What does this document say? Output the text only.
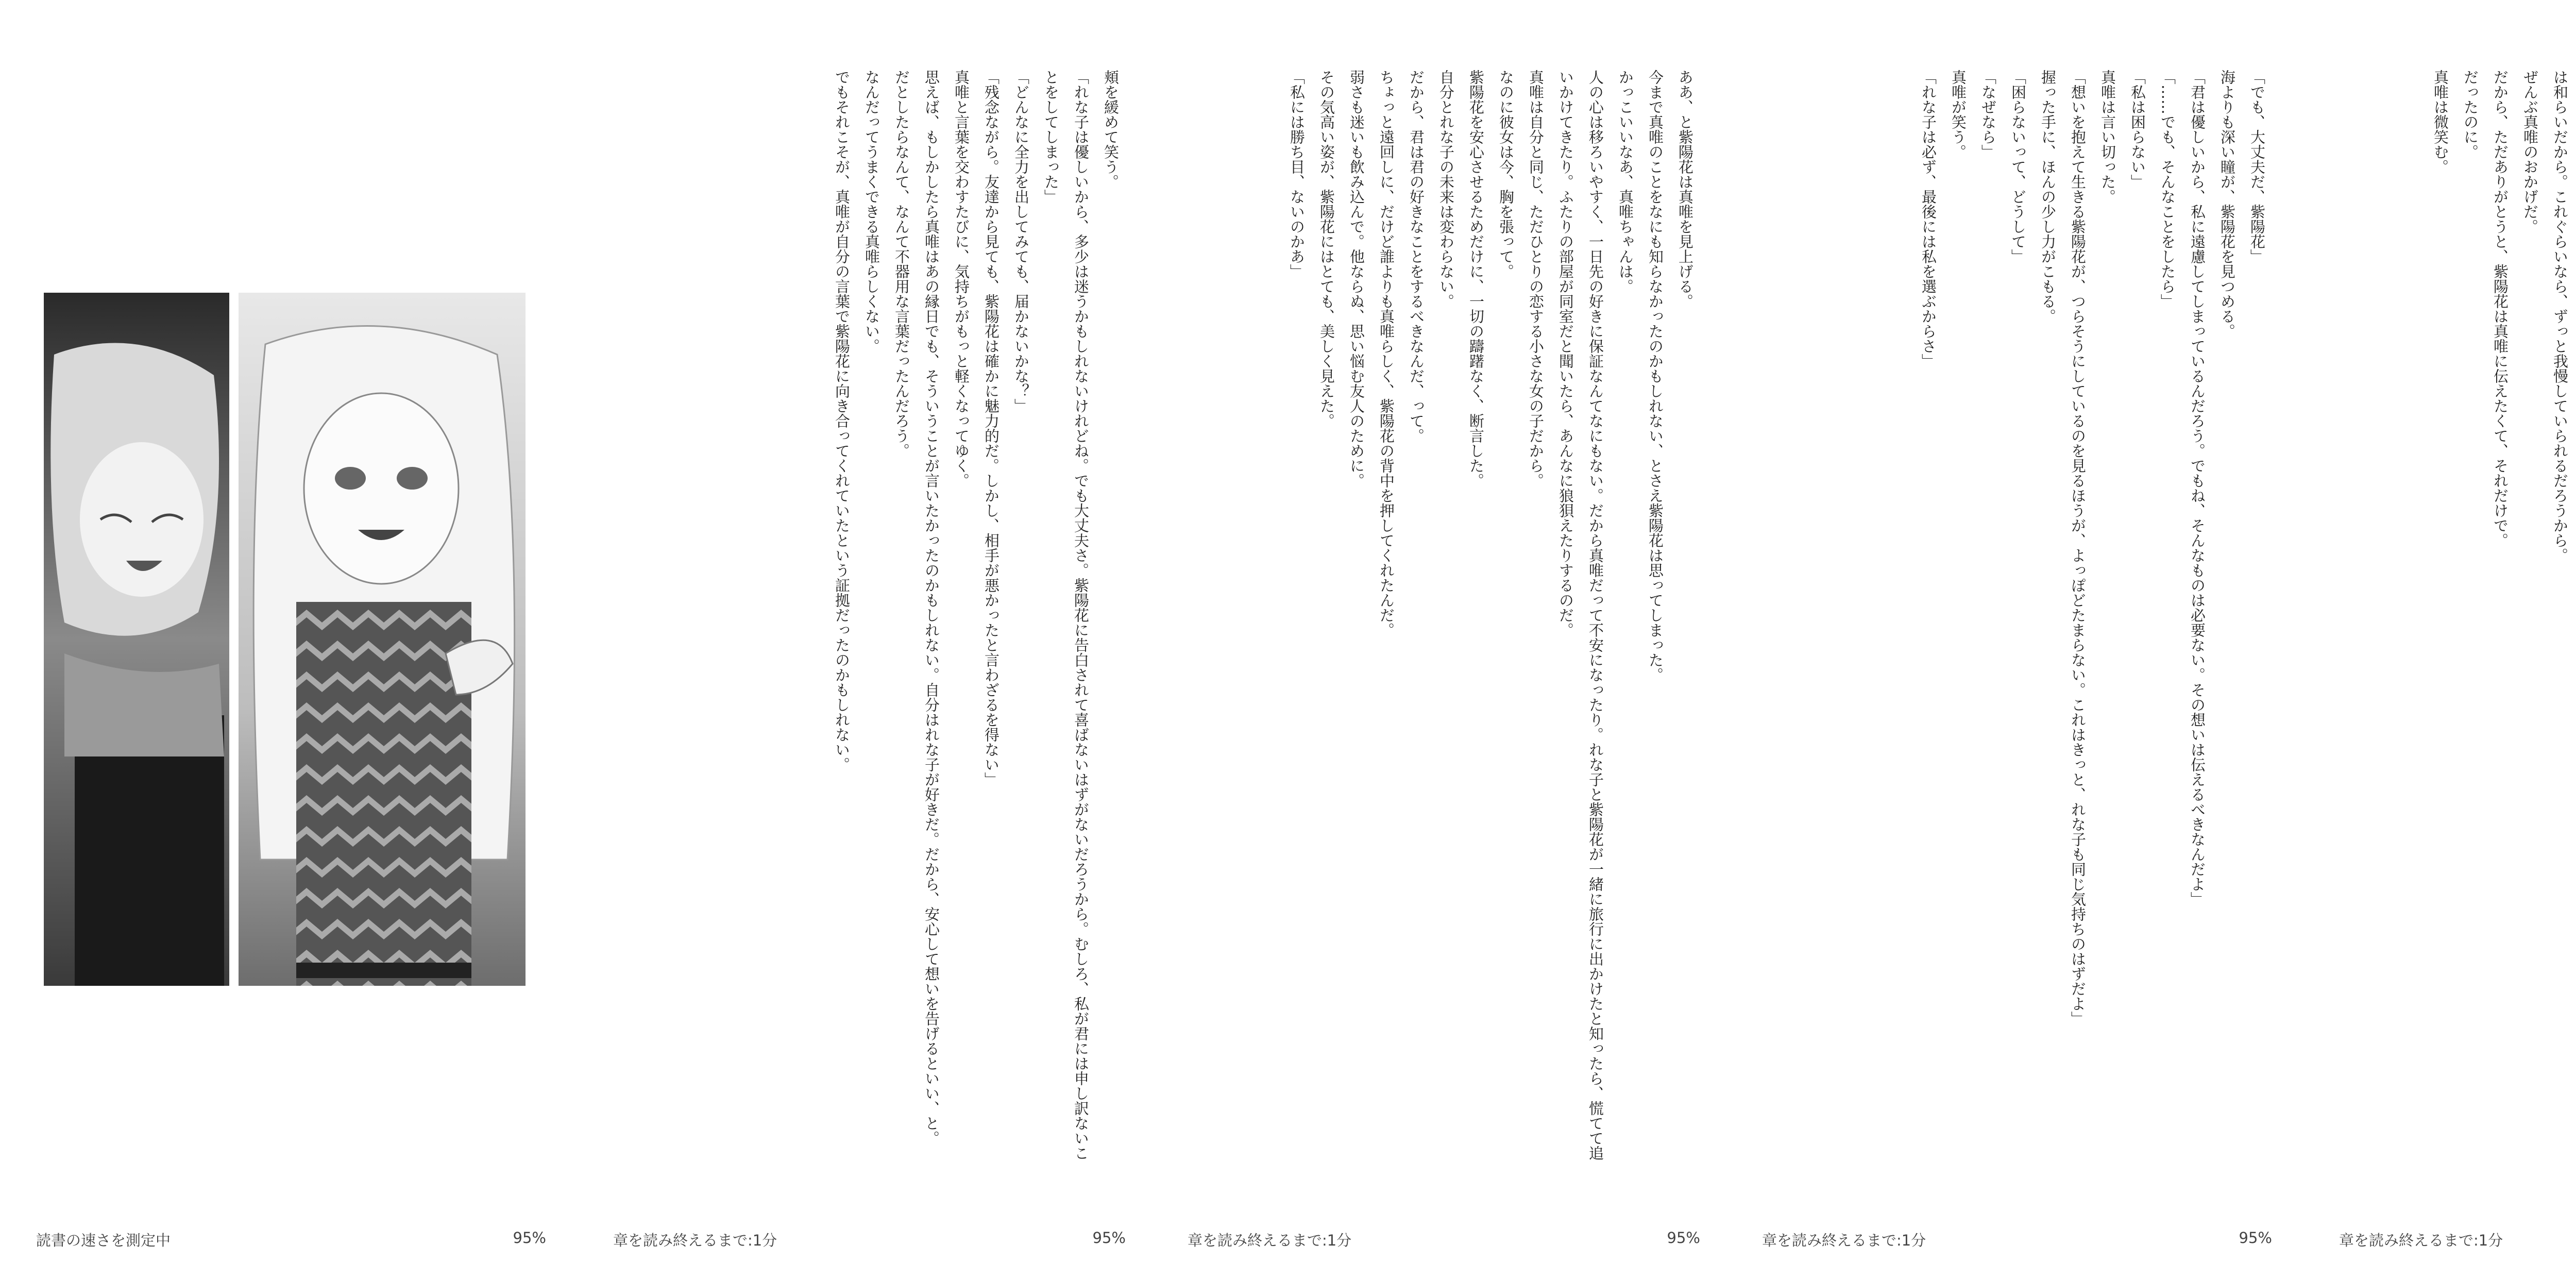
は和らいだから。これぐらいなら、ずっと我慢していられるだろうから。

ぜんぶ真唯のおかげだ。

だから、ただありがとうと、紫陽花は真唯に伝えたくて、それだけで。

だったのに。

真唯は微笑む。

章を読み終えるまで:1分

「でも、大丈夫だ、紫陽花」

海よりも深い瞳が、紫陽花を見つめる。

「君は優しいから、私に遠慮してしまっているんだろう。でもね、そんなものは必要ない。その想いは伝えるべきなんだよ」

「……でも、そんなことをしたら」

「私は困らない」

真唯は言い切った。

「想いを抱えて生きる紫陽花が、つらそうにしているのを見るほうが、よっぽどたまらない。これはきっと、れな子も同じ気持ちのはずだよ」

握った手に、ほんの少し力がこもる。

「困らないって、どうして」

「なぜなら」

真唯が笑う。

「れな子は必ず、最後には私を選ぶからさ」

章を読み終えるまで:1分	95%

ああ、と紫陽花は真唯を見上げる。

今まで真唯のことをなにも知らなかったのかもしれない、とさえ紫陽花は思ってしまった。

かっこいいなあ、真唯ちゃんは。

人の心は移ろいやすく、一日先の好きに保証なんてなにもない。だから真唯だって不安になったり。れな子と紫陽花が一緒に旅行に出かけたと知ったら、慌てて追いかけてきたり。ふたりの部屋が同室だと聞いたら、あんなに狼狽えたりするのだ。

真唯は自分と同じ、ただひとりの恋する小さな女の子だから。

なのに彼女は今、胸を張って。

紫陽花を安心させるためだけに、一切の躊躇なく、断言した。

自分とれな子の未来は変わらない。

だから、君は君の好きなことをするべきなんだ、って。

ちょっと遠回しに、だけど誰よりも真唯らしく、紫陽花の背中を押してくれたんだ。

弱さも迷いも飲み込んで。他ならぬ、思い悩む友人のために。

その気高い姿が、紫陽花にはとても、美しく見えた。

「私には勝ち目、ないのかあ」

章を読み終えるまで:1分	95%

頬を緩めて笑う。

「れな子は優しいから、多少は迷うかもしれないけれどね。でも大丈夫さ。紫陽花に告白されて喜ばないはずがないだろうから。むしろ、私が君には申し訳ないことをしてしまった」

「どんなに全力を出してみても、届かないかな？」

「残念ながら。友達から見ても、紫陽花は確かに魅力的だ。しかし、相手が悪かったと言わざるを得ない」

真唯と言葉を交わすたびに、気持ちがもっと軽くなってゆく。

思えば、もしかしたら真唯はあの縁日でも、そういうことが言いたかったのかもしれない。自分はれな子が好きだ。だから、安心して想いを告げるといい、と。

だとしたらなんて、なんて不器用な言葉だったんだろう。

なんだってうまくできる真唯らしくない。

でもそれこそが、真唯が自分の言葉で紫陽花に向き合ってくれていたという証拠だったのかもしれない。

章を読み終えるまで:1分	95%
読書の速さを測定中	95%
